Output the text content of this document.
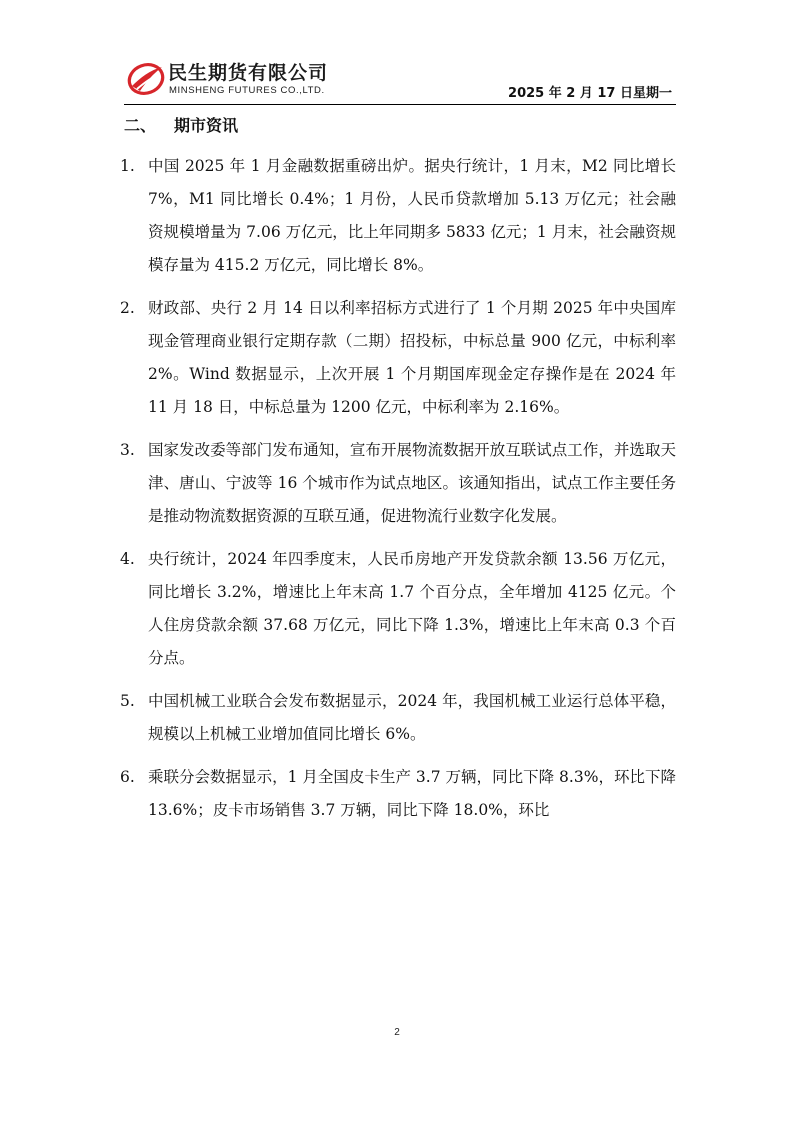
民生期货有限公司
MINSHENG FUTURES CO.,LTD.	2025 年 2 月 17 日星期一
二、 期市资讯
1. 中国 2025 年 1 月金融数据重磅出炉。据央行统计，1 月末，M2 同比增长 7%，M1 同比增长 0.4%；1 月份，人民币贷款增加 5.13 万亿元；社会融资规模增量为 7.06 万亿元，比上年同期多 5833 亿元；1 月末，社会融资规模存量为 415.2 万亿元，同比增长 8%。
2. 财政部、央行 2 月 14 日以利率招标方式进行了 1 个月期 2025 年中央国库现金管理商业银行定期存款（二期）招投标，中标总量 900 亿元，中标利率 2%。Wind 数据显示，上次开展 1 个月期国库现金定存操作是在 2024 年 11 月 18 日，中标总量为 1200 亿元，中标利率为 2.16%。
3. 国家发改委等部门发布通知，宣布开展物流数据开放互联试点工作，并选取天津、唐山、宁波等 16 个城市作为试点地区。该通知指出，试点工作主要任务是推动物流数据资源的互联互通，促进物流行业数字化发展。
4. 央行统计，2024 年四季度末，人民币房地产开发贷款余额 13.56 万亿元，同比增长 3.2%，增速比上年末高 1.7 个百分点，全年增加 4125 亿元。个人住房贷款余额 37.68 万亿元，同比下降 1.3%，增速比上年末高 0.3 个百分点。
5. 中国机械工业联合会发布数据显示，2024 年，我国机械工业运行总体平稳，规模以上机械工业增加值同比增长 6%。
6. 乘联分会数据显示，1 月全国皮卡生产 3.7 万辆，同比下降 8.3%，环比下降 13.6%；皮卡市场销售 3.7 万辆，同比下降 18.0%，环比
2
